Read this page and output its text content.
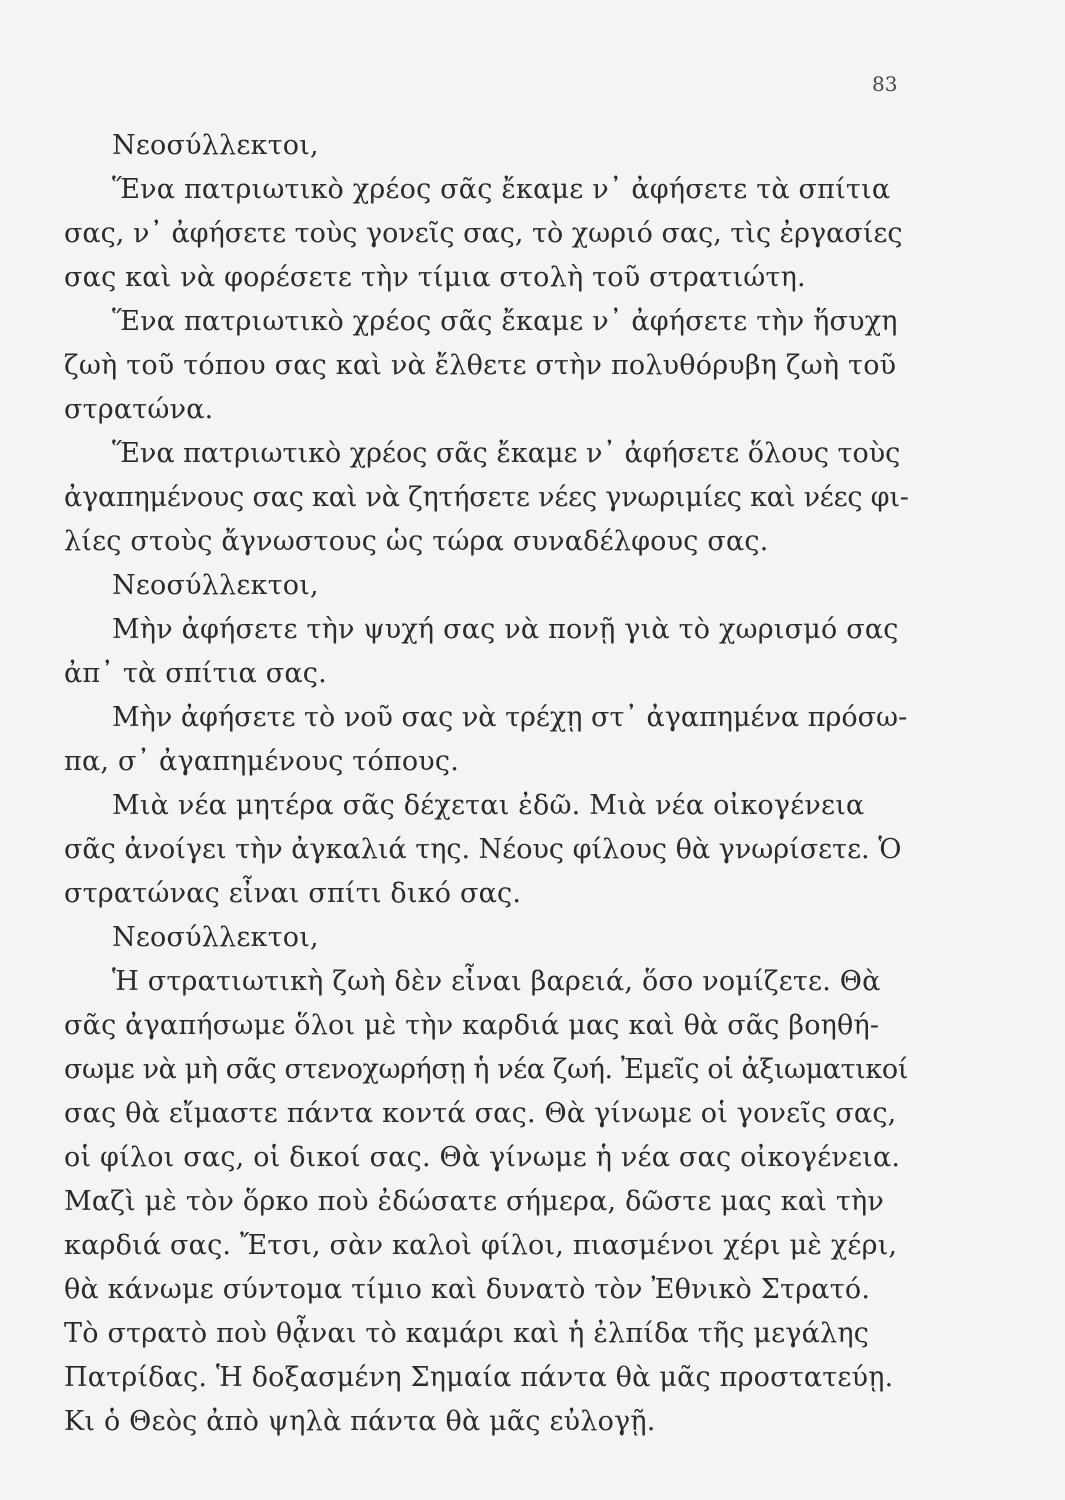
83
Νεοσύλλεκτοι,
Ἕνα πατριωτικὸ χρέος σᾶς ἔκαμε ν᾽ ἀφήσετε τὰ σπίτια
σας, ν᾽ ἀφήσετε τοὺς γονεῖς σας, τὸ χωριό σας, τὶς ἐργασίες
σας καὶ νὰ φορέσετε τὴν τίμια στολὴ τοῦ στρατιώτη.
Ἕνα πατριωτικὸ χρέος σᾶς ἔκαμε ν᾽ ἀφήσετε τὴν ἥσυχη
ζωὴ τοῦ τόπου σας καὶ νὰ ἔλθετε στὴν πολυθόρυβη ζωὴ τοῦ
στρατώνα.
Ἕνα πατριωτικὸ χρέος σᾶς ἔκαμε ν᾽ ἀφήσετε ὅλους τοὺς
ἀγαπημένους σας καὶ νὰ ζητήσετε νέες γνωριμίες καὶ νέες φι-
λίες στοὺς ἄγνωστους ὡς τώρα συναδέλφους σας.
Νεοσύλλεκτοι,
Μὴν ἀφήσετε τὴν ψυχή σας νὰ πονῇ γιὰ τὸ χωρισμό σας
ἀπ᾽ τὰ σπίτια σας.
Μὴν ἀφήσετε τὸ νοῦ σας νὰ τρέχῃ στ᾽ ἀγαπημένα πρόσω-
πα, σ᾽ ἀγαπημένους τόπους.
Μιὰ νέα μητέρα σᾶς δέχεται ἐδῶ. Μιὰ νέα οἰκογένεια
σᾶς ἀνοίγει τὴν ἀγκαλιά της. Νέους φίλους θὰ γνωρίσετε. Ὁ
στρατώνας εἶναι σπίτι δικό σας.
Νεοσύλλεκτοι,
Ἡ στρατιωτικὴ ζωὴ δὲν εἶναι βαρειά, ὅσο νομίζετε. Θὰ
σᾶς ἀγαπήσωμε ὅλοι μὲ τὴν καρδιά μας καὶ θὰ σᾶς βοηθή-
σωμε νὰ μὴ σᾶς στενοχωρήσῃ ἡ νέα ζωή. Ἐμεῖς οἱ ἀξιωματικοί
σας θὰ εἴμαστε πάντα κοντά σας. Θὰ γίνωμε οἱ γονεῖς σας,
οἱ φίλοι σας, οἱ δικοί σας. Θὰ γίνωμε ἡ νέα σας οἰκογένεια.
Μαζὶ μὲ τὸν ὅρκο ποὺ ἐδώσατε σήμερα, δῶστε μας καὶ τὴν
καρδιά σας. Ἔτσι, σὰν καλοὶ φίλοι, πιασμένοι χέρι μὲ χέρι,
θὰ κάνωμε σύντομα τίμιο καὶ δυνατὸ τὸν Ἐθνικὸ Στρατό.
Τὸ στρατὸ ποὺ θᾆναι τὸ καμάρι καὶ ἡ ἐλπίδα τῆς μεγάλης
Πατρίδας. Ἡ δοξασμένη Σημαία πάντα θὰ μᾶς προστατεύῃ.
Κι ὁ Θεὸς ἀπὸ ψηλὰ πάντα θὰ μᾶς εὐλογῇ.
